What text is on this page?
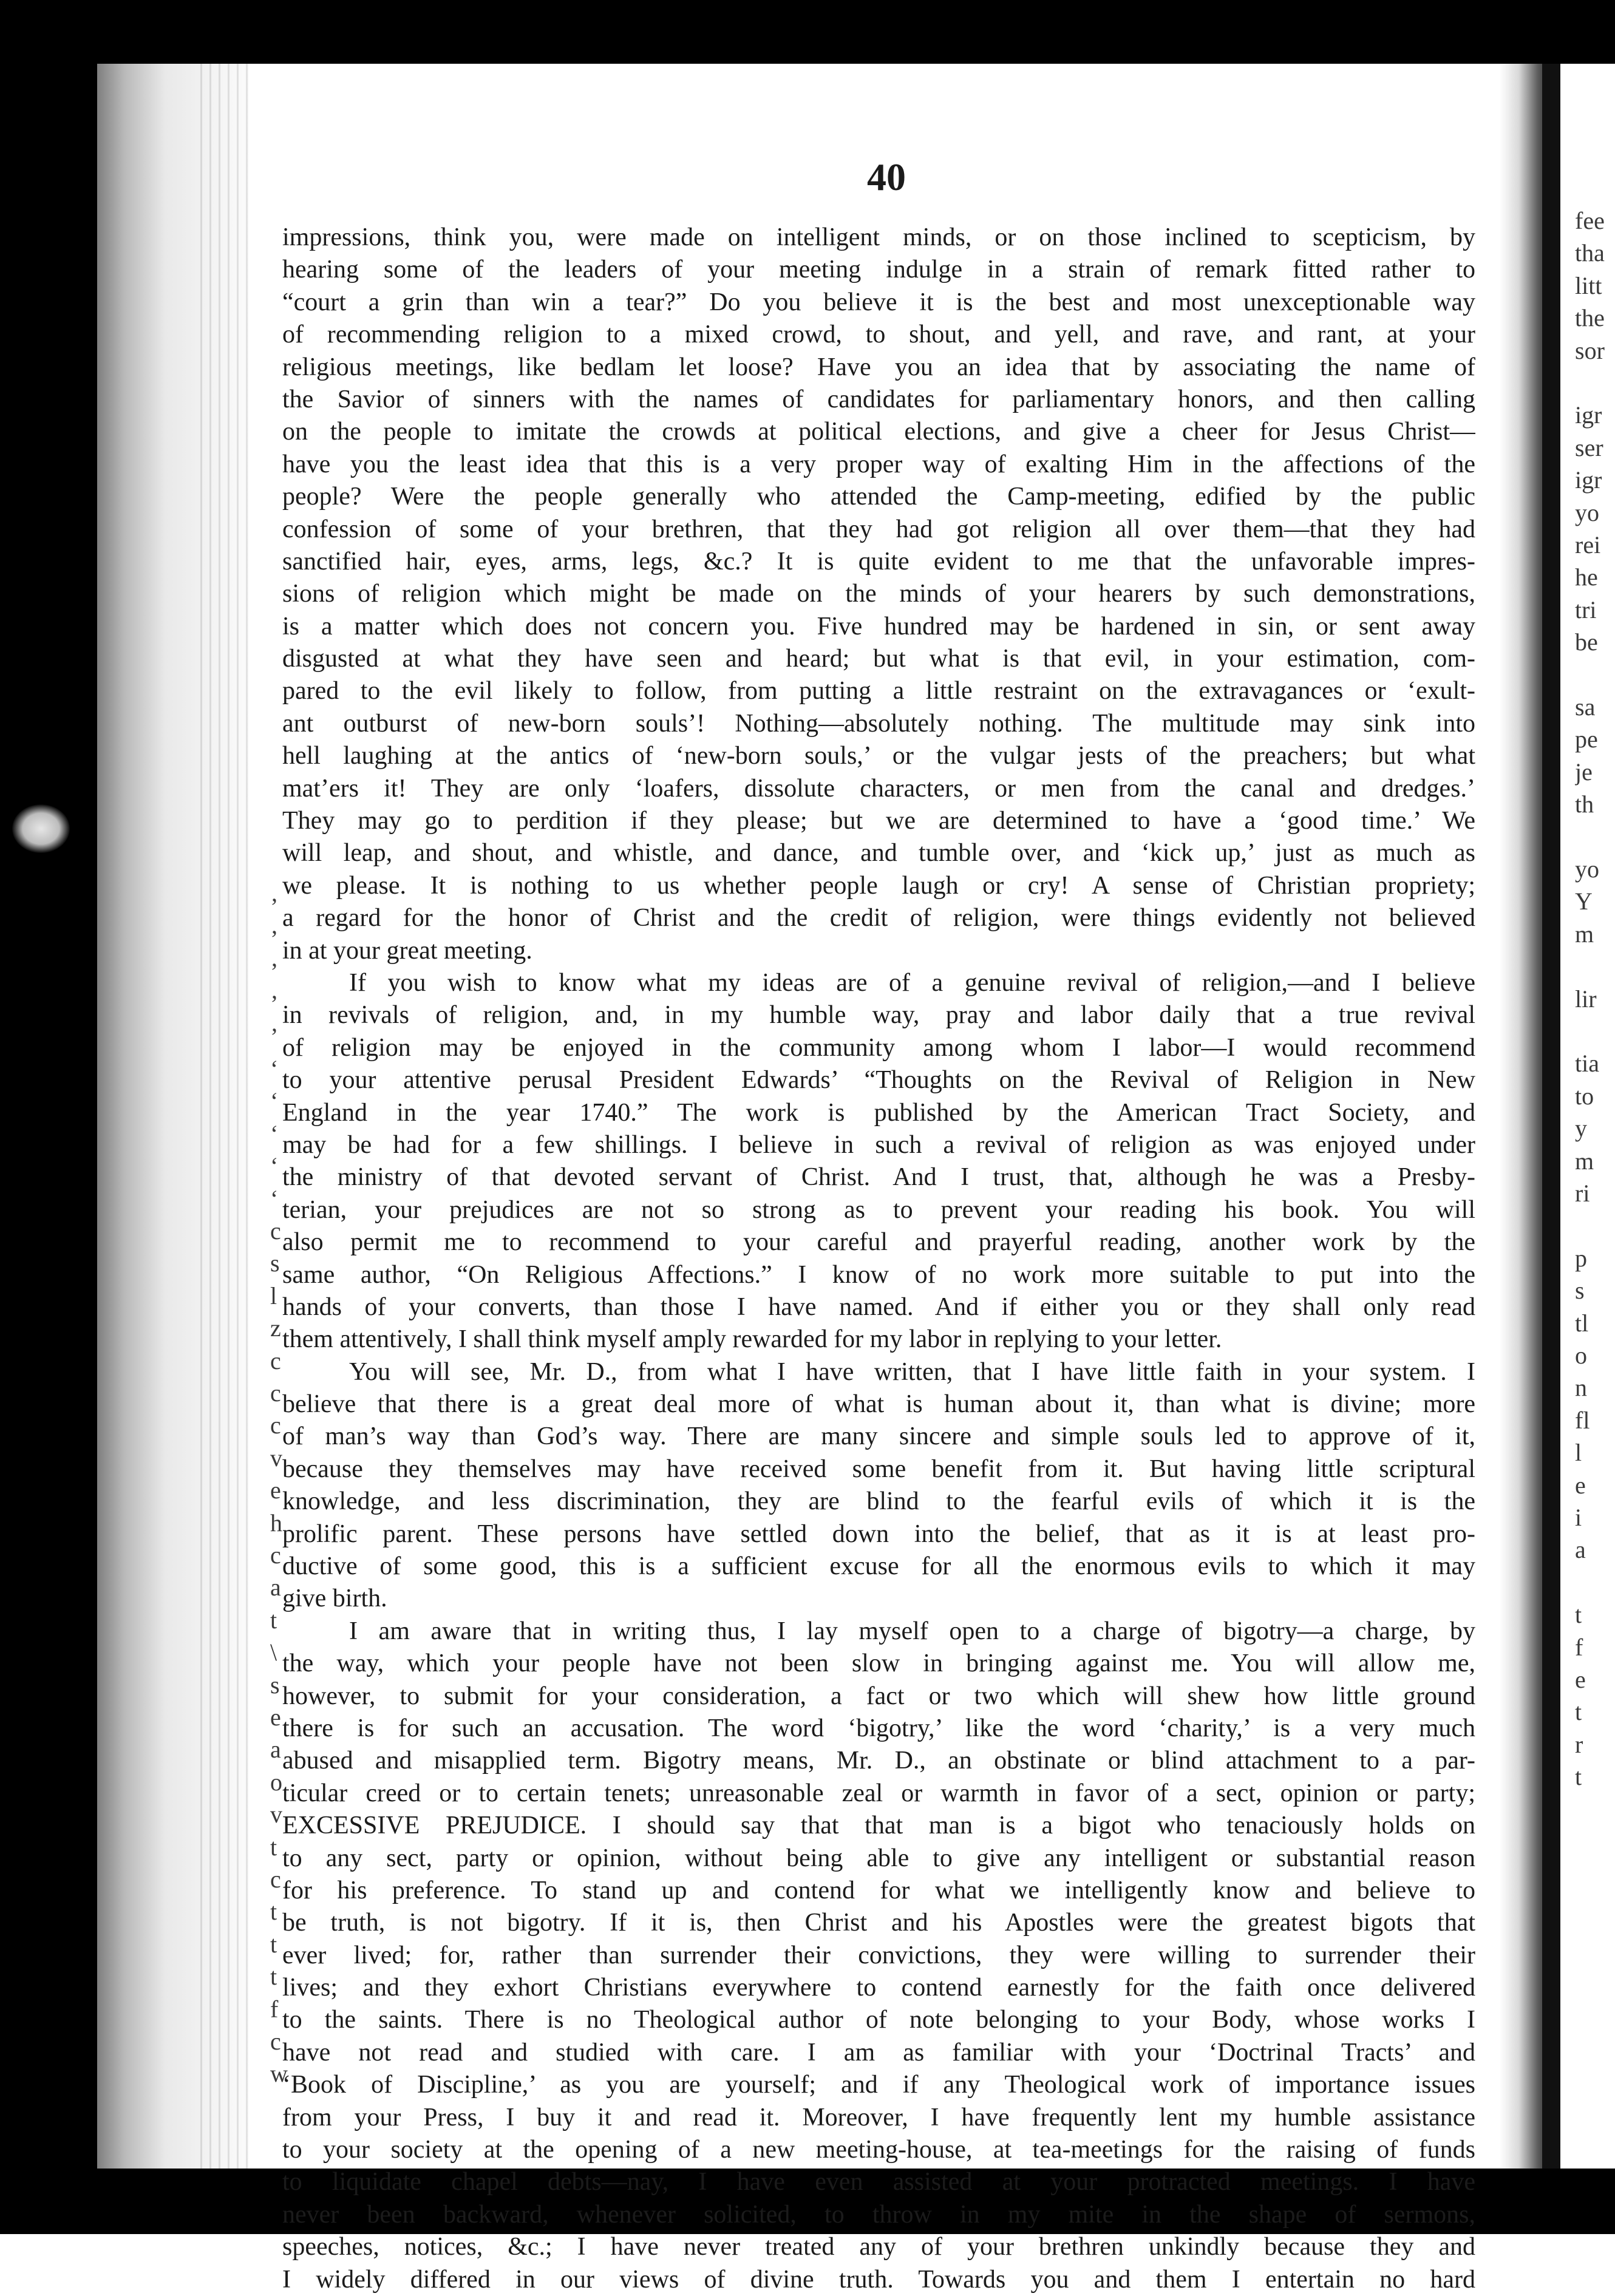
40
impressions, think you, were made on intelligent minds, or on those inclined to scepticism, by
hearing some of the leaders of your meeting indulge in a strain of remark fitted rather to
“court a grin than win a tear?” Do you believe it is the best and most unexceptionable way
of recommending religion to a mixed crowd, to shout, and yell, and rave, and rant, at your
religious meetings, like bedlam let loose? Have you an idea that by associating the name of
the Savior of sinners with the names of candidates for parliamentary honors, and then calling
on the people to imitate the crowds at political elections, and give a cheer for Jesus Christ—
have you the least idea that this is a very proper way of exalting Him in the affections of the
people? Were the people generally who attended the Camp-meeting, edified by the public
confession of some of your brethren, that they had got religion all over them—that they had
sanctified hair, eyes, arms, legs, &c.? It is quite evident to me that the unfavorable impres-
sions of religion which might be made on the minds of your hearers by such demonstrations,
is a matter which does not concern you. Five hundred may be hardened in sin, or sent away
disgusted at what they have seen and heard; but what is that evil, in your estimation, com-
pared to the evil likely to follow, from putting a little restraint on the extravagances or ‘exult-
ant outburst of new-born souls’! Nothing—absolutely nothing. The multitude may sink into
hell laughing at the antics of ‘new-born souls,’ or the vulgar jests of the preachers; but what
mat’ers it! They are only ‘loafers, dissolute characters, or men from the canal and dredges.’
They may go to perdition if they please; but we are determined to have a ‘good time.’ We
will leap, and shout, and whistle, and dance, and tumble over, and ‘kick up,’ just as much as
we please. It is nothing to us whether people laugh or cry! A sense of Christian propriety;
a regard for the honor of Christ and the credit of religion, were things evidently not believed
in at your great meeting.
If you wish to know what my ideas are of a genuine revival of religion,—and I believe
in revivals of religion, and, in my humble way, pray and labor daily that a true revival
of religion may be enjoyed in the community among whom I labor—I would recommend
to your attentive perusal President Edwards’ “Thoughts on the Revival of Religion in New
England in the year 1740.” The work is published by the American Tract Society, and
may be had for a few shillings. I believe in such a revival of religion as was enjoyed under
the ministry of that devoted servant of Christ. And I trust, that, although he was a Presby-
terian, your prejudices are not so strong as to prevent your reading his book. You will
also permit me to recommend to your careful and prayerful reading, another work by the
same author, “On Religious Affections.” I know of no work more suitable to put into the
hands of your converts, than those I have named. And if either you or they shall only read
them attentively, I shall think myself amply rewarded for my labor in replying to your letter.
You will see, Mr. D., from what I have written, that I have little faith in your system. I
believe that there is a great deal more of what is human about it, than what is divine; more
of man’s way than God’s way. There are many sincere and simple souls led to approve of it,
because they themselves may have received some benefit from it. But having little scriptural
knowledge, and less discrimination, they are blind to the fearful evils of which it is the
prolific parent. These persons have settled down into the belief, that as it is at least pro-
ductive of some good, this is a sufficient excuse for all the enormous evils to which it may
give birth.
I am aware that in writing thus, I lay myself open to a charge of bigotry—a charge, by
the way, which your people have not been slow in bringing against me. You will allow me,
however, to submit for your consideration, a fact or two which will shew how little ground
there is for such an accusation. The word ‘bigotry,’ like the word ‘charity,’ is a very much
abused and misapplied term. Bigotry means, Mr. D., an obstinate or blind attachment to a par-
ticular creed or to certain tenets; unreasonable zeal or warmth in favor of a sect, opinion or party;
EXCESSIVE PREJUDICE. I should say that that man is a bigot who tenaciously holds on
to any sect, party or opinion, without being able to give any intelligent or substantial reason
for his preference. To stand up and contend for what we intelligently know and believe to
be truth, is not bigotry. If it is, then Christ and his Apostles were the greatest bigots that
ever lived; for, rather than surrender their convictions, they were willing to surrender their
lives; and they exhort Christians everywhere to contend earnestly for the faith once delivered
to the saints. There is no Theological author of note belonging to your Body, whose works I
have not read and studied with care. I am as familiar with your ‘Doctrinal Tracts’ and
‘Book of Discipline,’ as you are yourself; and if any Theological work of importance issues
from your Press, I buy it and read it. Moreover, I have frequently lent my humble assistance
to your society at the opening of a new meeting-house, at tea-meetings for the raising of funds
to liquidate chapel debts—nay, I have even assisted at your protracted meetings. I have
never been backward, whenever solicited, to throw in my mite in the shape of sermons,
speeches, notices, &c.; I have never treated any of your brethren unkindly because they and
I widely differed in our views of divine truth. Towards you and them I entertain no hard
’
’
’
’
’
‘
‘
‘
‘
‘
c
s
l
z
c
c
c
v
e
h
c
a
t
\
s
e
a
o
v
t
c
t
t
t
f
c
w
fee
tha
litt
the
sor
igr
ser
igr
yo
rei
he
tri
be
sa
pe
je
th
yo
Y
m
lir
tia
to
y
m
ri
p
s
tl
o
n
fl
l
e
i
a
t
f
e
t
r
t
